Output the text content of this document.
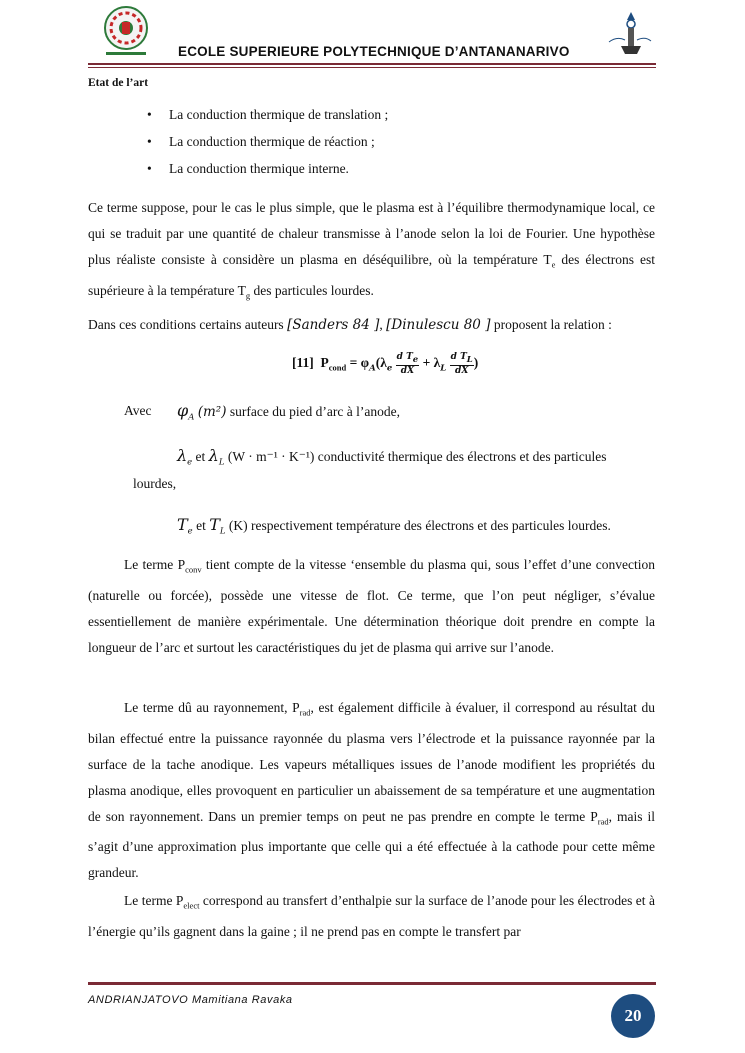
ECOLE SUPERIEURE POLYTECHNIQUE D’ANTANANARIVO
Etat de l’art
• La conduction thermique de translation ;
• La conduction thermique de réaction ;
• La conduction thermique interne.

Ce terme suppose, pour le cas le plus simple, que le plasma est à l’équilibre thermodynamique local, ce qui se traduit par une quantité de chaleur transmisse à l’anode selon la loi de Fourier. Une hypothèse plus réaliste consiste à considère un plasma en déséquilibre, où la température $T_e$ des électrons est supérieure à la température $T_g$ des particules lourdes.

Dans ces conditions certains auteurs [Sanders 84 ], [Dinulescu 80 ] proposent la relation :

[11] $P_{cond} = \varphi_A(\lambda_e \frac{d T_e}{dX} + \lambda_L \frac{d T_L}{dX}$ )
Avec $\varphi_A$ (m²) surface du pied d’arc à l’anode,
$\lambda_e$ et $\lambda_L$ (W · m⁻¹ · K⁻¹) conductivité thermique des électrons et des particules
lourdes,
$T_e$ et $T_L$ (K) respectivement température des électrons et des particules lourdes.

Le terme $P_{conv}$ tient compte de la vitesse ‘ensemble du plasma qui, sous l’effet d’une convection (naturelle ou forcée), possède une vitesse de flot. Ce terme, que l’on peut négliger, s’évalue essentiellement de manière expérimentale. Une détermination théorique doit prendre en compte la longueur de l’arc et surtout les caractéristiques du jet de plasma qui arrive sur l’anode.

Le terme dû au rayonnement, $P_{rad}$, est également difficile à évaluer, il correspond au résultat du bilan effectué entre la puissance rayonnée du plasma vers l’électrode et la puissance rayonnée par la surface de la tache anodique. Les vapeurs métalliques issues de l’anode modifient les propriétés du plasma anodique, elles provoquent en particulier un abaissement de sa température et une augmentation de son rayonnement. Dans un premier temps on peut ne pas prendre en compte le terme $P_{rad}$, mais il s’agit d’une approximation plus importante que celle qui a été effectuée à la cathode pour cette même grandeur.

Le terme $P_{elect}$ correspond au transfert d’enthalpie sur la surface de l’anode pour les électrodes et à l’énergie qu’ils gagnent dans la gaine ; il ne prend pas en compte le transfert par

ANDRIANJATOVO Mamitiana Ravaka
20
